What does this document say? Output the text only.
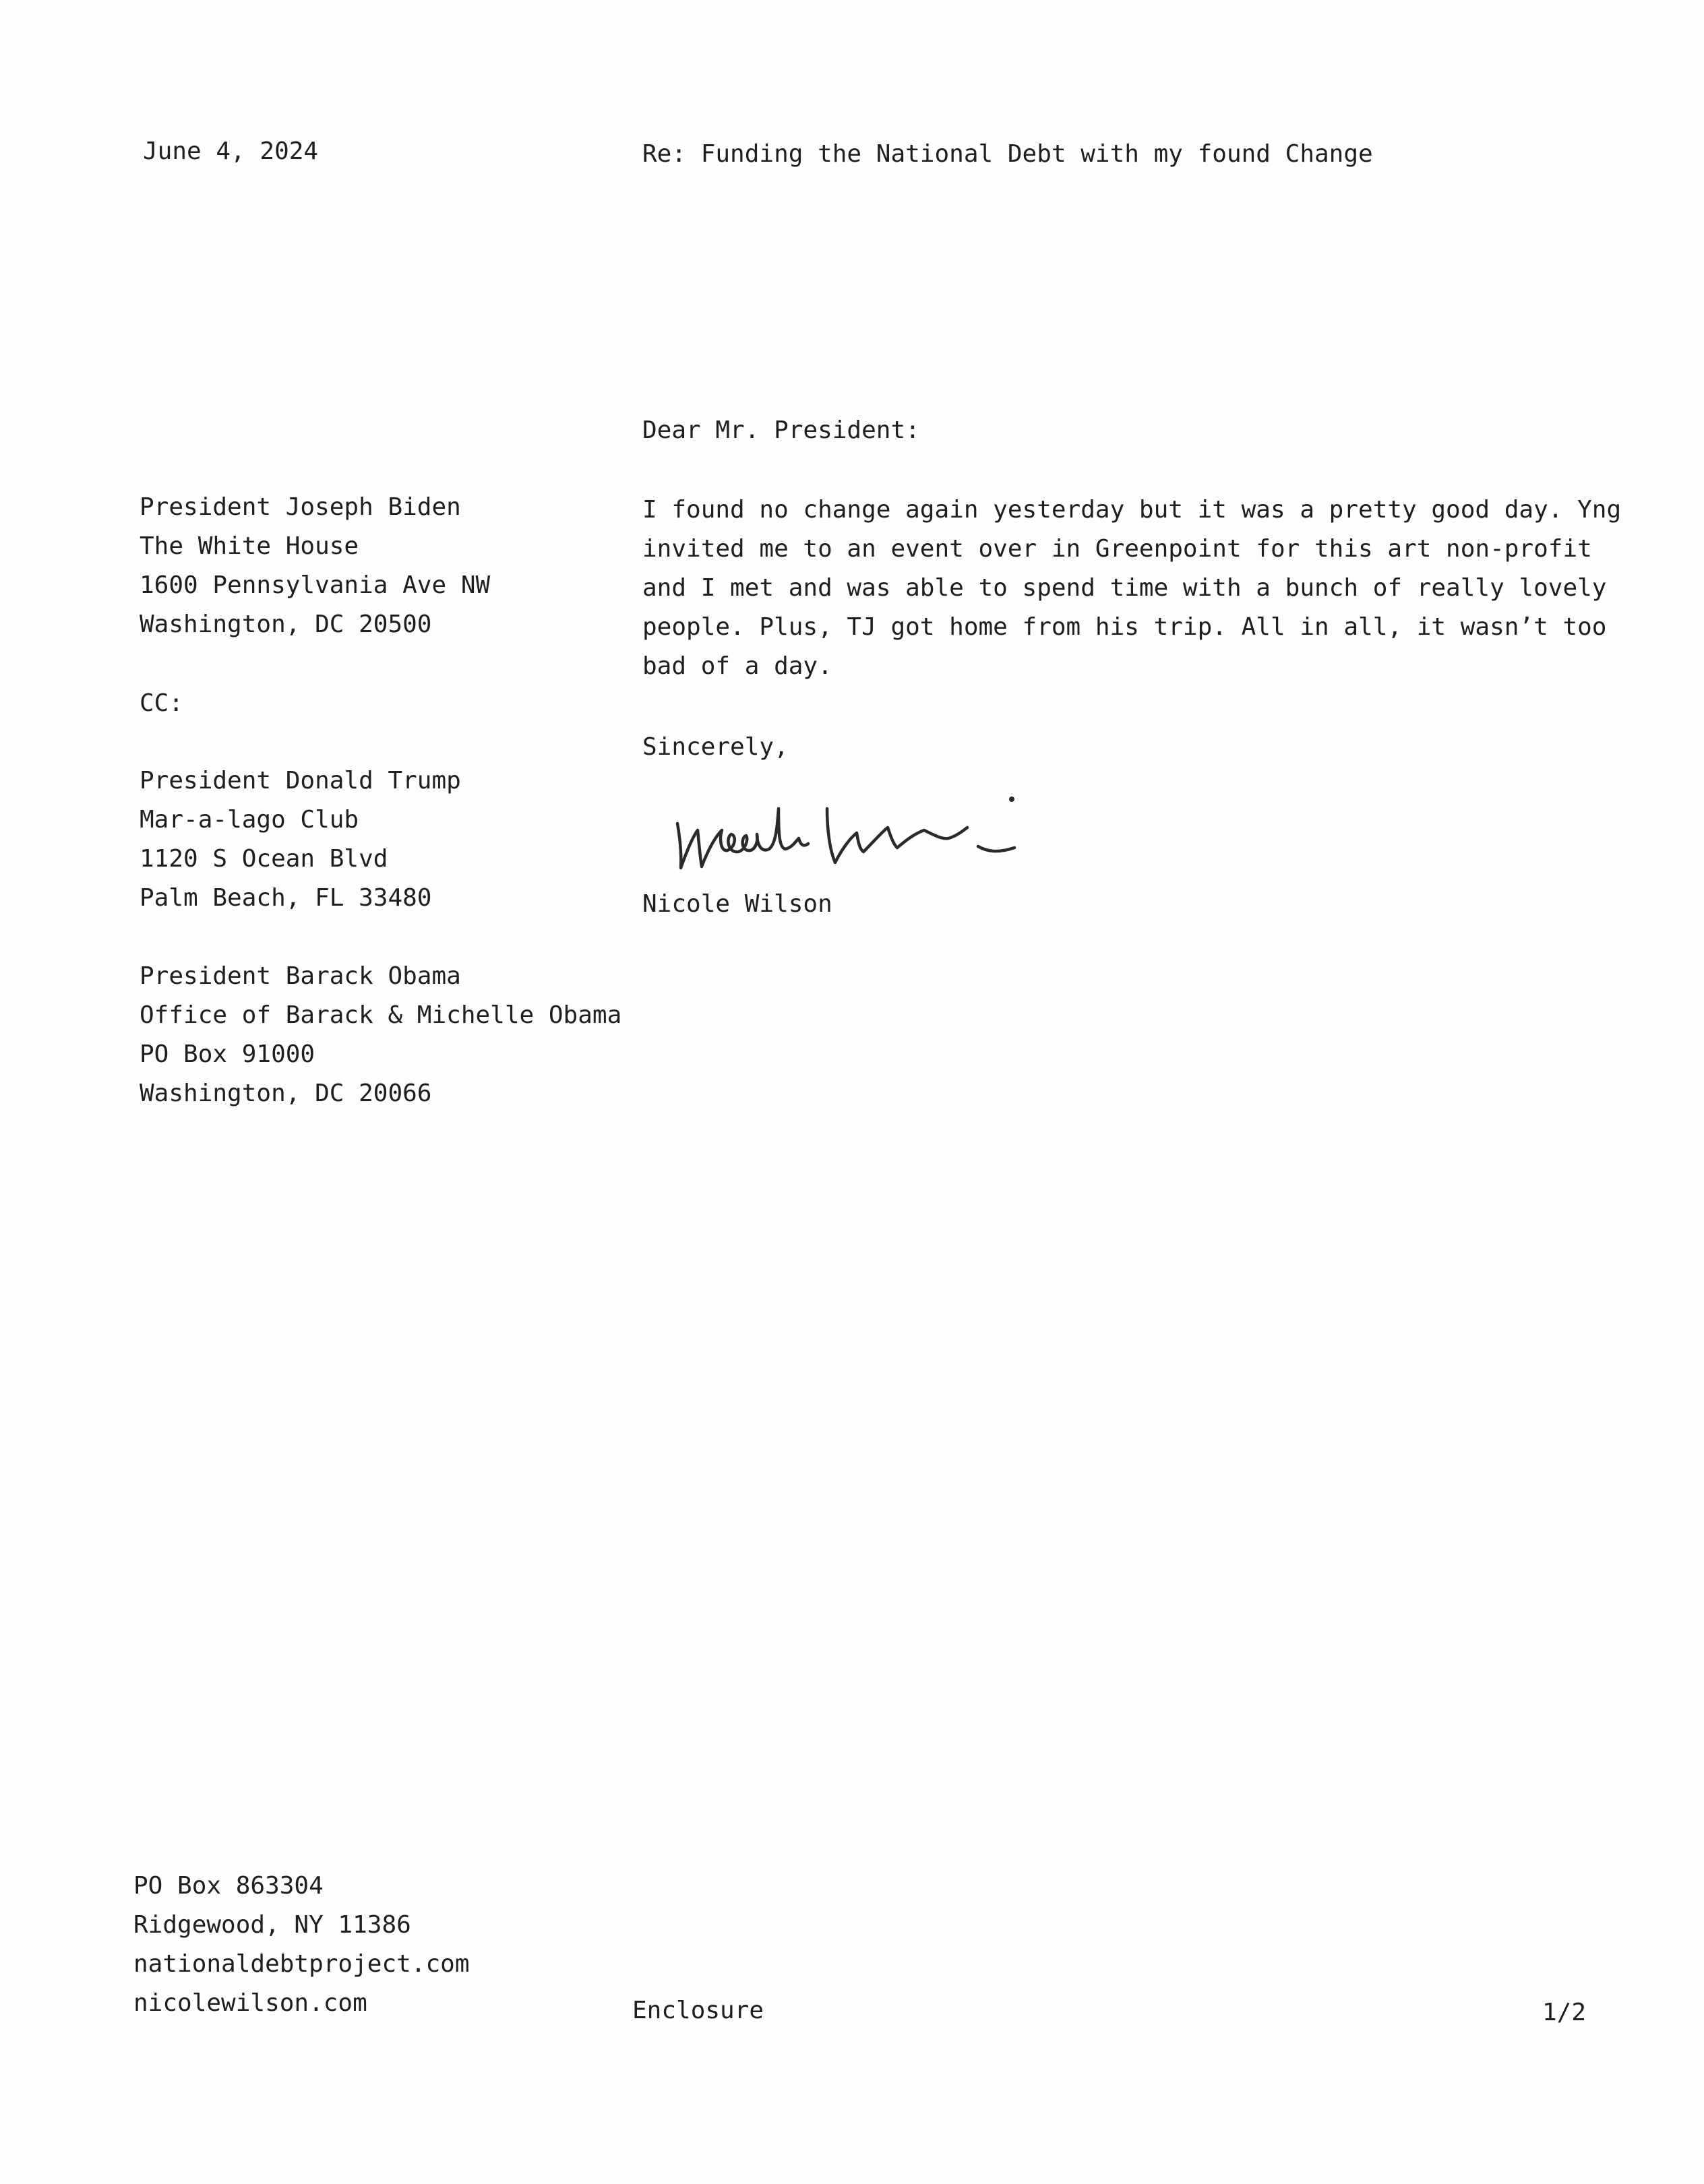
June 4, 2024	Re: Funding the National Debt with my found Change
Dear Mr. President:
President Joseph Biden
The White House
1600 Pennsylvania Ave NW
Washington, DC 20500
CC:
President Donald Trump
Mar-a-lago Club
1120 S Ocean Blvd
Palm Beach, FL 33480
President Barack Obama
Office of Barack & Michelle Obama
PO Box 91000
Washington, DC 20066
I found no change again yesterday but it was a pretty good day. Yng
invited me to an event over in Greenpoint for this art non-profit
and I met and was able to spend time with a bunch of really lovely
people. Plus, TJ got home from his trip. All in all, it wasn’t too
bad of a day.
Sincerely,
Nicole Wilson
PO Box 863304
Ridgewood, NY 11386
nationaldebtproject.com
nicolewilson.com	Enclosure	1/2
